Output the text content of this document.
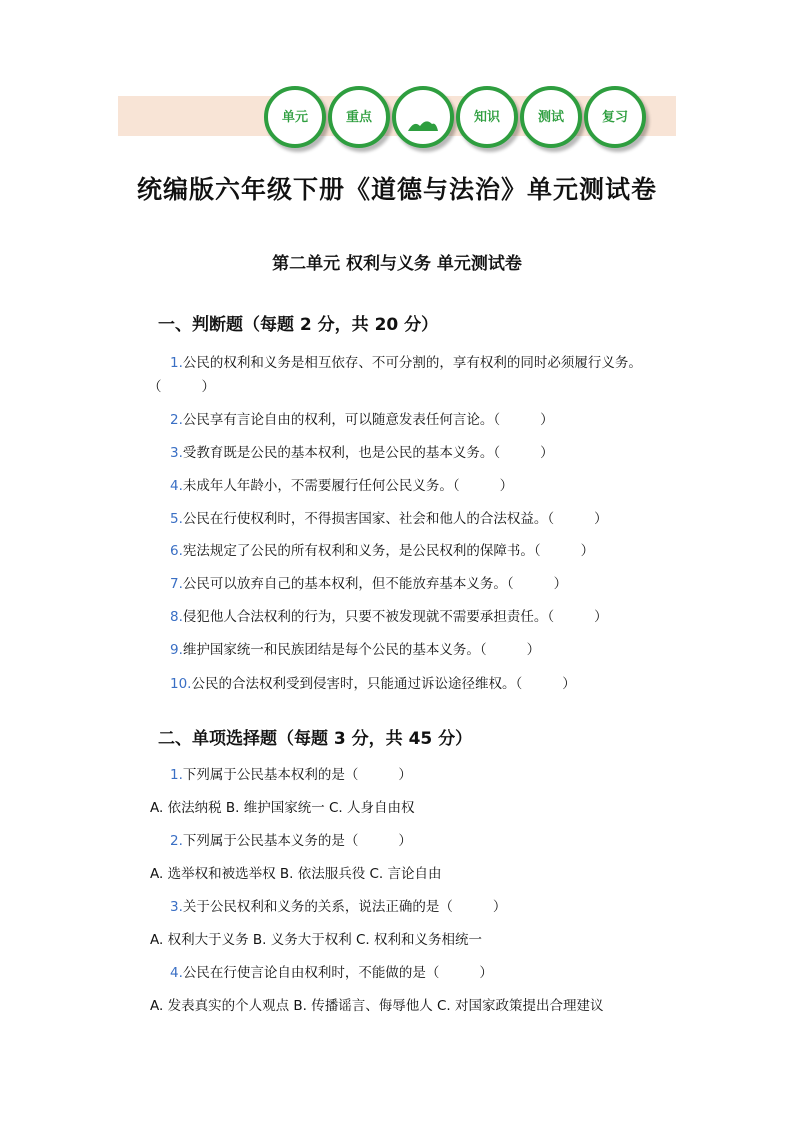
单元	重点	知识	测试	复习
统编版六年级下册《道德与法治》单元测试卷
第二单元 权利与义务 单元测试卷
一、判断题（每题 2 分，共 20 分）
1.公民的权利和义务是相互依存、不可分割的，享有权利的同时必须履行义务。
（	）
2.公民享有言论自由的权利，可以随意发表任何言论。（	）
3.受教育既是公民的基本权利，也是公民的基本义务。（	）
4.未成年人年龄小，不需要履行任何公民义务。（	）
5.公民在行使权利时，不得损害国家、社会和他人的合法权益。（	）
6.宪法规定了公民的所有权利和义务，是公民权利的保障书。（	）
7.公民可以放弃自己的基本权利，但不能放弃基本义务。（	）
8.侵犯他人合法权利的行为，只要不被发现就不需要承担责任。（	）
9.维护国家统一和民族团结是每个公民的基本义务。（	）
10.公民的合法权利受到侵害时，只能通过诉讼途径维权。（	）
二、单项选择题（每题 3 分，共 45 分）
1.下列属于公民基本权利的是（	）
A. 依法纳税 B. 维护国家统一 C. 人身自由权
2.下列属于公民基本义务的是（	）
A. 选举权和被选举权 B. 依法服兵役 C. 言论自由
3.关于公民权利和义务的关系，说法正确的是（	）
A. 权利大于义务 B. 义务大于权利 C. 权利和义务相统一
4.公民在行使言论自由权利时，不能做的是（	）
A. 发表真实的个人观点 B. 传播谣言、侮辱他人 C. 对国家政策提出合理建议
